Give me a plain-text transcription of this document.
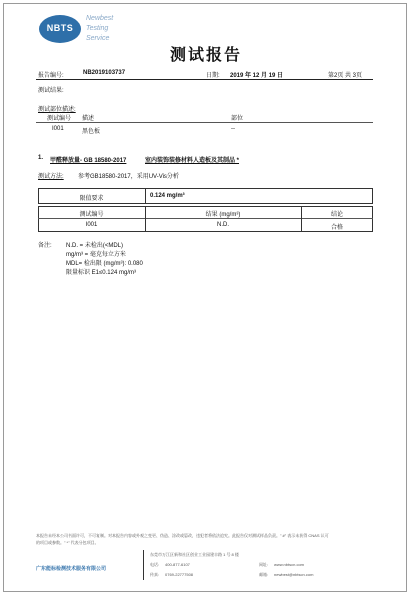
NBTS
Newbest
Testing
Service
测试报告
报告编号:	NB2019103737	日期: 2019 年 12 月 19 日	第2页 共 3页
测试结果:
测试部位描述:
测试编号 描述	部位
I001	黑色板	--
1. 甲醛释放量- GB 18580-2017	室内装饰装修材料人造板及其制品 *
测试方法: 参考GB18580-2017，采用UV-Vis分析
限值要求	0.124 mg/m³
测试编号	结果 (mg/m³)	结论
I001	N.D.	合格
备注: N.D. = 未检出(<MDL)
mg/m³ = 毫克每立方米
MDL= 检出限 (mg/m³): 0.080
限量标识 E1≤0.124 mg/m³
本报告未经本公司书面许可，不可复制。对本报告内容或外观之变更、伪造、涂改或篡改，违犯者将依法追究。此报告仅对测试样品负责。" #" 表示未获得 CNAS 认可
的项目或参数。" *" 代表分包项目。
东莞市万江区新和社区创业工业园建丰路 1 号 8 楼
广东能标检测技术服务有限公司
电话: 400-877-6107	网址: www.nbtscn.com
传真: 0769-22777508	邮箱: newbest@nbtscn.com
